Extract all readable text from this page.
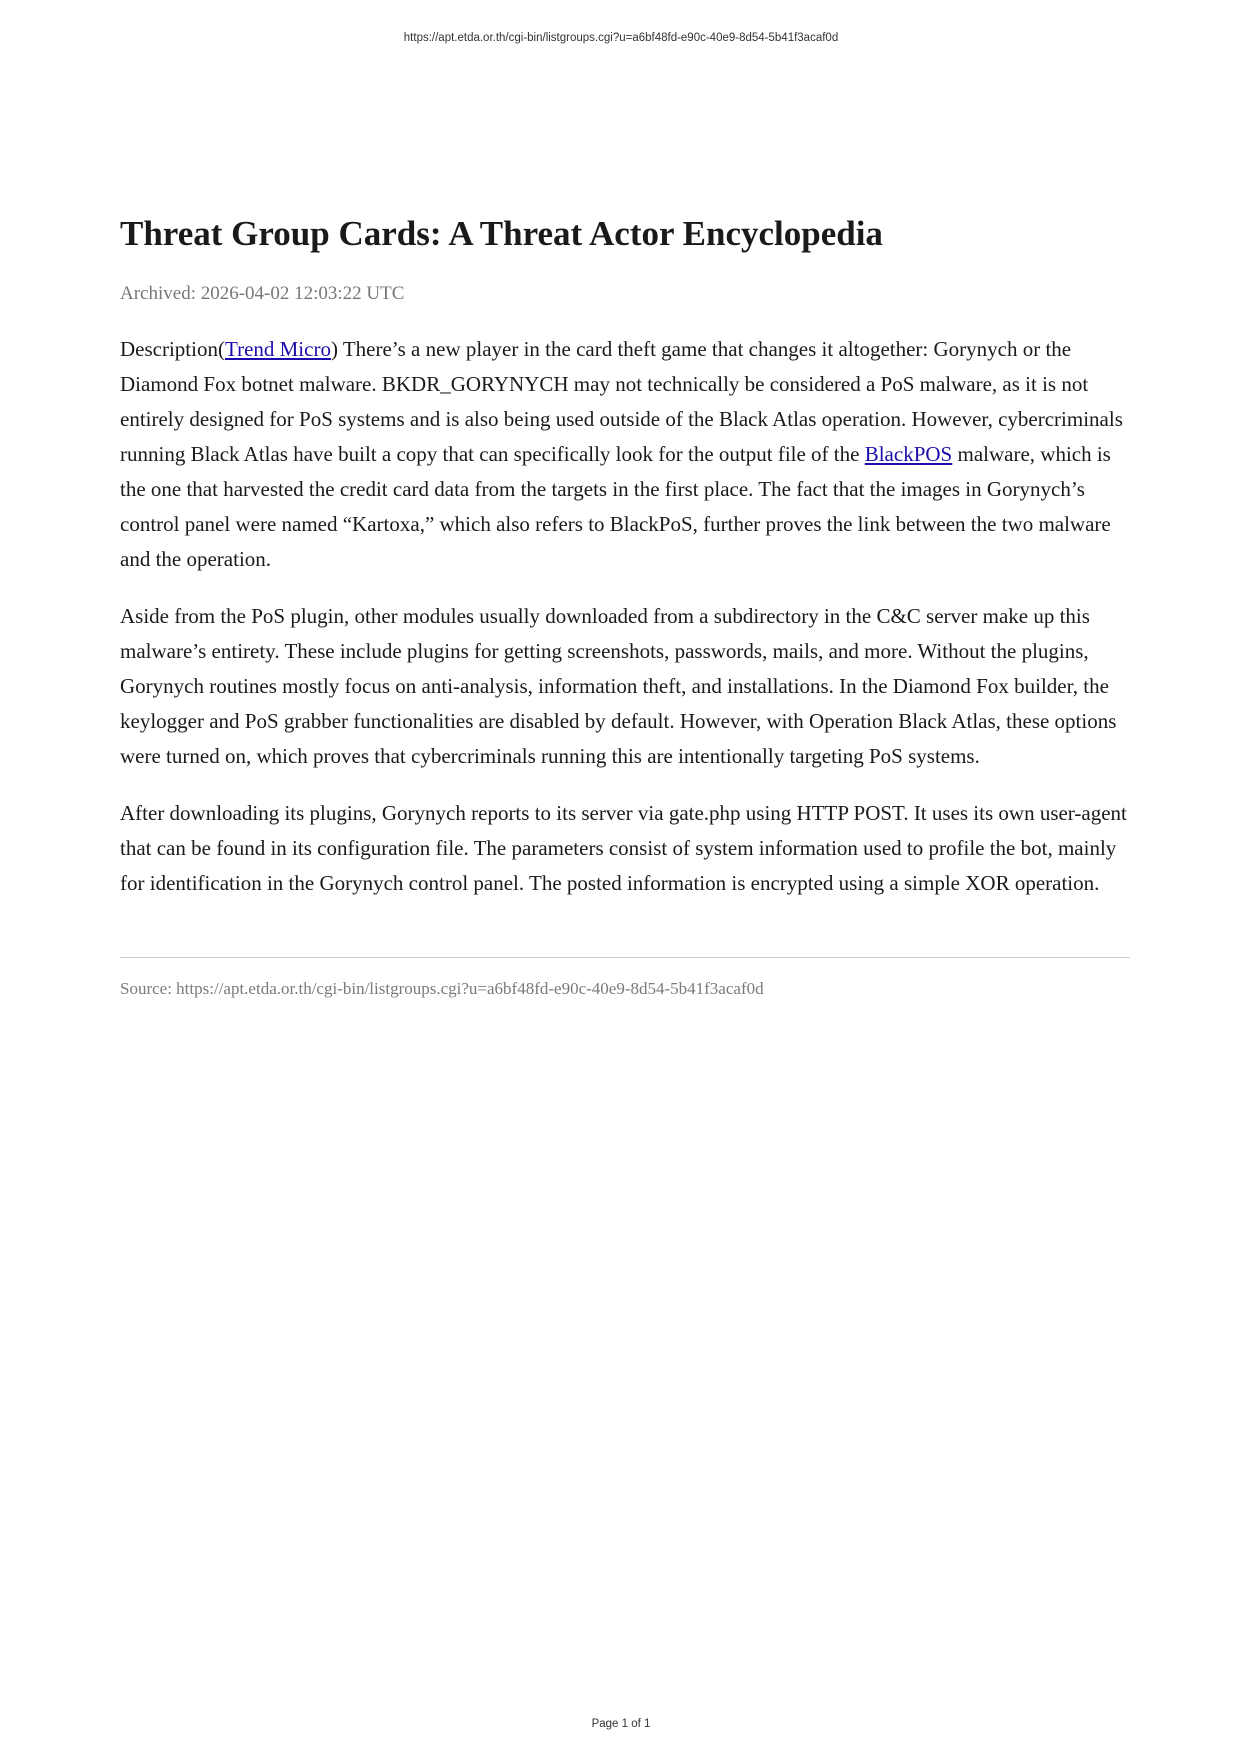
https://apt.etda.or.th/cgi-bin/listgroups.cgi?u=a6bf48fd-e90c-40e9-8d54-5b41f3acaf0d
Threat Group Cards: A Threat Actor Encyclopedia
Archived: 2026-04-02 12:03:22 UTC

Description(Trend Micro) There’s a new player in the card theft game that changes it altogether: Gorynych or the Diamond Fox botnet malware. BKDR_GORYNYCH may not technically be considered a PoS malware, as it is not entirely designed for PoS systems and is also being used outside of the Black Atlas operation. However, cybercriminals running Black Atlas have built a copy that can specifically look for the output file of the BlackPOS malware, which is the one that harvested the credit card data from the targets in the first place. The fact that the images in Gorynych’s control panel were named “Kartoxa,” which also refers to BlackPoS, further proves the link between the two malware and the operation.

Aside from the PoS plugin, other modules usually downloaded from a subdirectory in the C&C server make up this malware’s entirety. These include plugins for getting screenshots, passwords, mails, and more. Without the plugins, Gorynych routines mostly focus on anti-analysis, information theft, and installations. In the Diamond Fox builder, the keylogger and PoS grabber functionalities are disabled by default. However, with Operation Black Atlas, these options were turned on, which proves that cybercriminals running this are intentionally targeting PoS systems.

After downloading its plugins, Gorynych reports to its server via gate.php using HTTP POST. It uses its own user-agent that can be found in its configuration file. The parameters consist of system information used to profile the bot, mainly for identification in the Gorynych control panel. The posted information is encrypted using a simple XOR operation.

Source: https://apt.etda.or.th/cgi-bin/listgroups.cgi?u=a6bf48fd-e90c-40e9-8d54-5b41f3acaf0d
Page 1 of 1
